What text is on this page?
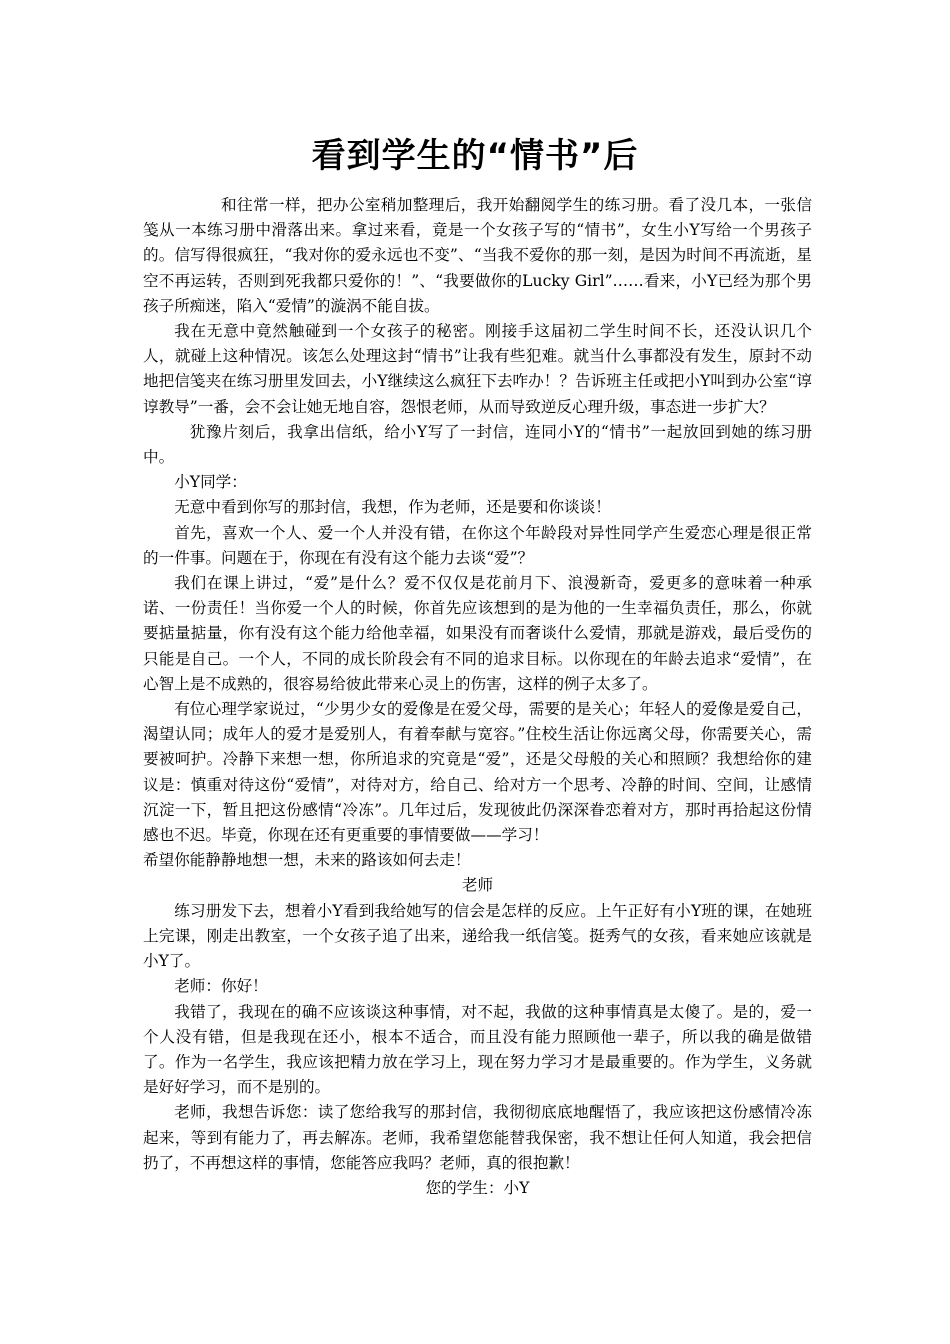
看到学生的“情书”后

和往常一样，把办公室稍加整理后，我开始翻阅学生的练习册。看了没几本，一张信笺从一本练习册中滑落出来。拿过来看，竟是一个女孩子写的“情书”，女生小Y写给一个男孩子的。信写得很疯狂，“我对你的爱永远也不变”、“当我不爱你的那一刻，是因为时间不再流逝，星空不再运转，否则到死我都只爱你的！”、“我要做你的Lucky Girl”……看来，小Y已经为那个男孩子所痴迷，陷入“爱情”的漩涡不能自拔。

我在无意中竟然触碰到一个女孩子的秘密。刚接手这届初二学生时间不长，还没认识几个人，就碰上这种情况。该怎么处理这封“情书”让我有些犯难。就当什么事都没有发生，原封不动地把信笺夹在练习册里发回去，小Y继续这么疯狂下去咋办！？告诉班主任或把小Y叫到办公室“谆谆教导”一番，会不会让她无地自容，怨恨老师，从而导致逆反心理升级，事态进一步扩大？

犹豫片刻后，我拿出信纸，给小Y写了一封信，连同小Y的“情书”一起放回到她的练习册中。

小Y同学：

无意中看到你写的那封信，我想，作为老师，还是要和你谈谈！

首先，喜欢一个人、爱一个人并没有错，在你这个年龄段对异性同学产生爱恋心理是很正常的一件事。问题在于，你现在有没有这个能力去谈“爱”？

我们在课上讲过，“爱”是什么？爱不仅仅是花前月下、浪漫新奇，爱更多的意味着一种承诺、一份责任！当你爱一个人的时候，你首先应该想到的是为他的一生幸福负责任，那么，你就要掂量掂量，你有没有这个能力给他幸福，如果没有而奢谈什么爱情，那就是游戏，最后受伤的只能是自己。一个人，不同的成长阶段会有不同的追求目标。以你现在的年龄去追求“爱情”，在心智上是不成熟的，很容易给彼此带来心灵上的伤害，这样的例子太多了。

有位心理学家说过，“少男少女的爱像是在爱父母，需要的是关心；年轻人的爱像是爱自己，渴望认同；成年人的爱才是爱别人，有着奉献与宽容。”住校生活让你远离父母，你需要关心，需要被呵护。冷静下来想一想，你所追求的究竟是“爱”，还是父母般的关心和照顾？我想给你的建议是：慎重对待这份“爱情”，对待对方，给自己、给对方一个思考、冷静的时间、空间，让感情沉淀一下，暂且把这份感情“冷冻”。几年过后，发现彼此仍深深眷恋着对方，那时再拾起这份情感也不迟。毕竟，你现在还有更重要的事情要做——学习！

希望你能静静地想一想，未来的路该如何去走！

老师

练习册发下去，想着小Y看到我给她写的信会是怎样的反应。上午正好有小Y班的课，在她班上完课，刚走出教室，一个女孩子追了出来，递给我一纸信笺。挺秀气的女孩，看来她应该就是小Y了。

老师：你好！

我错了，我现在的确不应该谈这种事情，对不起，我做的这种事情真是太傻了。是的，爱一个人没有错，但是我现在还小，根本不适合，而且没有能力照顾他一辈子，所以我的确是做错了。作为一名学生，我应该把精力放在学习上，现在努力学习才是最重要的。作为学生，义务就是好好学习，而不是别的。

老师，我想告诉您：读了您给我写的那封信，我彻彻底底地醒悟了，我应该把这份感情冷冻起来，等到有能力了，再去解冻。老师，我希望您能替我保密，我不想让任何人知道，我会把信扔了，不再想这样的事情，您能答应我吗？老师，真的很抱歉！

您的学生：小Y
